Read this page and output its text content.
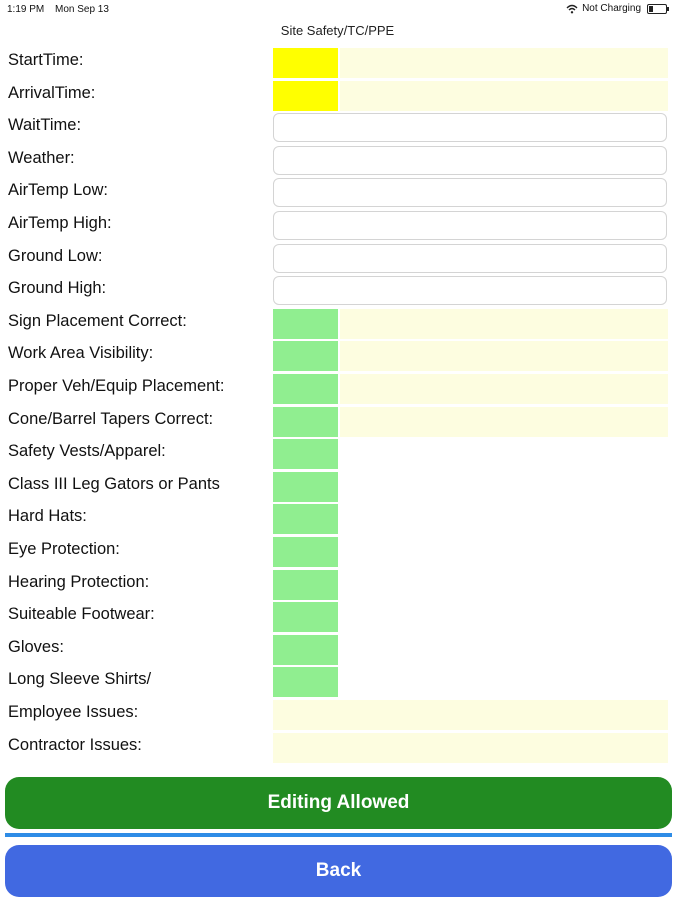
1:19 PM Mon Sep 13	Not Charging
Site Safety/TC/PPE
StartTime:
ArrivalTime:
WaitTime:
Weather:
AirTemp Low:
AirTemp High:
Ground Low:
Ground High:
Sign Placement Correct:
Work Area Visibility:
Proper Veh/Equip Placement:
Cone/Barrel Tapers Correct:
Safety Vests/Apparel:
Class III Leg Gators or Pants
Hard Hats:
Eye Protection:
Hearing Protection:
Suiteable Footwear:
Gloves:
Long Sleeve Shirts/
Employee Issues:
Contractor Issues:
Editing Allowed
Back
